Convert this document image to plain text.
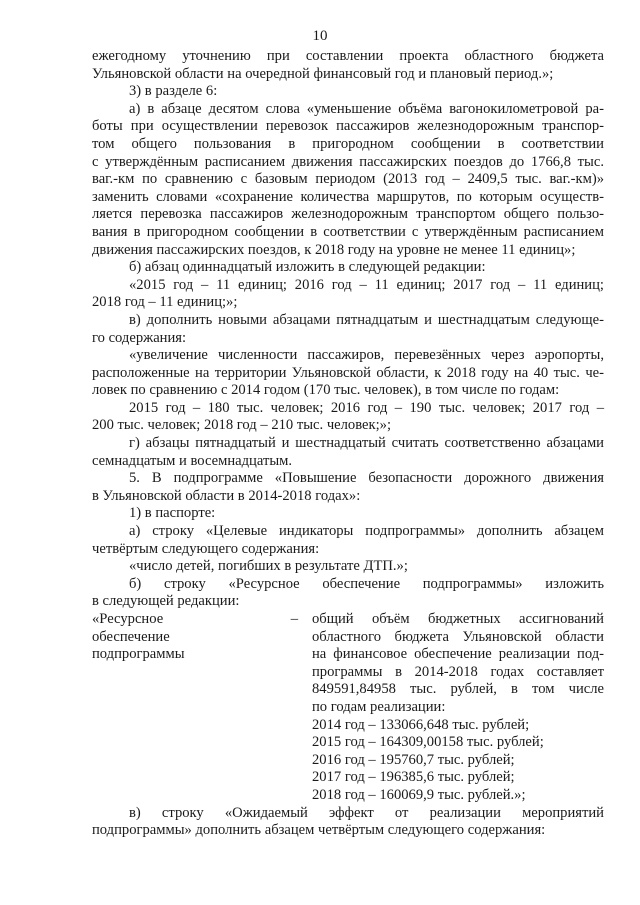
10
ежегодному уточнению при составлении проекта областного бюджета
Ульяновской области на очередной финансовый год и плановый период.»;
3) в разделе 6:
а) в абзаце десятом слова «уменьшение объёма вагонокилометровой ра-
боты при осуществлении перевозок пассажиров железнодорожным транспор-
том общего пользования в пригородном сообщении в соответствии
с утверждённым расписанием движения пассажирских поездов до 1766,8 тыс.
ваг.-км по сравнению с базовым периодом (2013 год – 2409,5 тыс. ваг.-км)»
заменить словами «сохранение количества маршрутов, по которым осуществ-
ляется перевозка пассажиров железнодорожным транспортом общего пользо-
вания в пригородном сообщении в соответствии с утверждённым расписанием
движения пассажирских поездов, к 2018 году на уровне не менее 11 единиц»;
б) абзац одиннадцатый изложить в следующей редакции:
«2015 год – 11 единиц; 2016 год – 11 единиц; 2017 год – 11 единиц;
2018 год – 11 единиц;»;
в) дополнить новыми абзацами пятнадцатым и шестнадцатым следующе-
го содержания:
«увеличение численности пассажиров, перевезённых через аэропорты,
расположенные на территории Ульяновской области, к 2018 году на 40 тыс. че-
ловек по сравнению с 2014 годом (170 тыс. человек), в том числе по годам:
2015 год – 180 тыс. человек; 2016 год – 190 тыс. человек; 2017 год –
200 тыс. человек; 2018 год – 210 тыс. человек;»;
г) абзацы пятнадцатый и шестнадцатый считать соответственно абзацами
семнадцатым и восемнадцатым.
5. В подпрограмме «Повышение безопасности дорожного движения
в Ульяновской области в 2014-2018 годах»:
1) в паспорте:
а) строку «Целевые индикаторы подпрограммы» дополнить абзацем
четвёртым следующего содержания:
«число детей, погибших в результате ДТП.»;
б) строку «Ресурсное обеспечение подпрограммы» изложить
в следующей редакции:
«Ресурсное
обеспечение
подпрограммы
– общий объём бюджетных ассигнований
областного бюджета Ульяновской области
на финансовое обеспечение реализации под-
программы в 2014-2018 годах составляет
849591,84958 тыс. рублей, в том числе
по годам реализации:
2014 год – 133066,648 тыс. рублей;
2015 год – 164309,00158 тыс. рублей;
2016 год – 195760,7 тыс. рублей;
2017 год – 196385,6 тыс. рублей;
2018 год – 160069,9 тыс. рублей.»;
в) строку «Ожидаемый эффект от реализации мероприятий
подпрограммы» дополнить абзацем четвёртым следующего содержания:
